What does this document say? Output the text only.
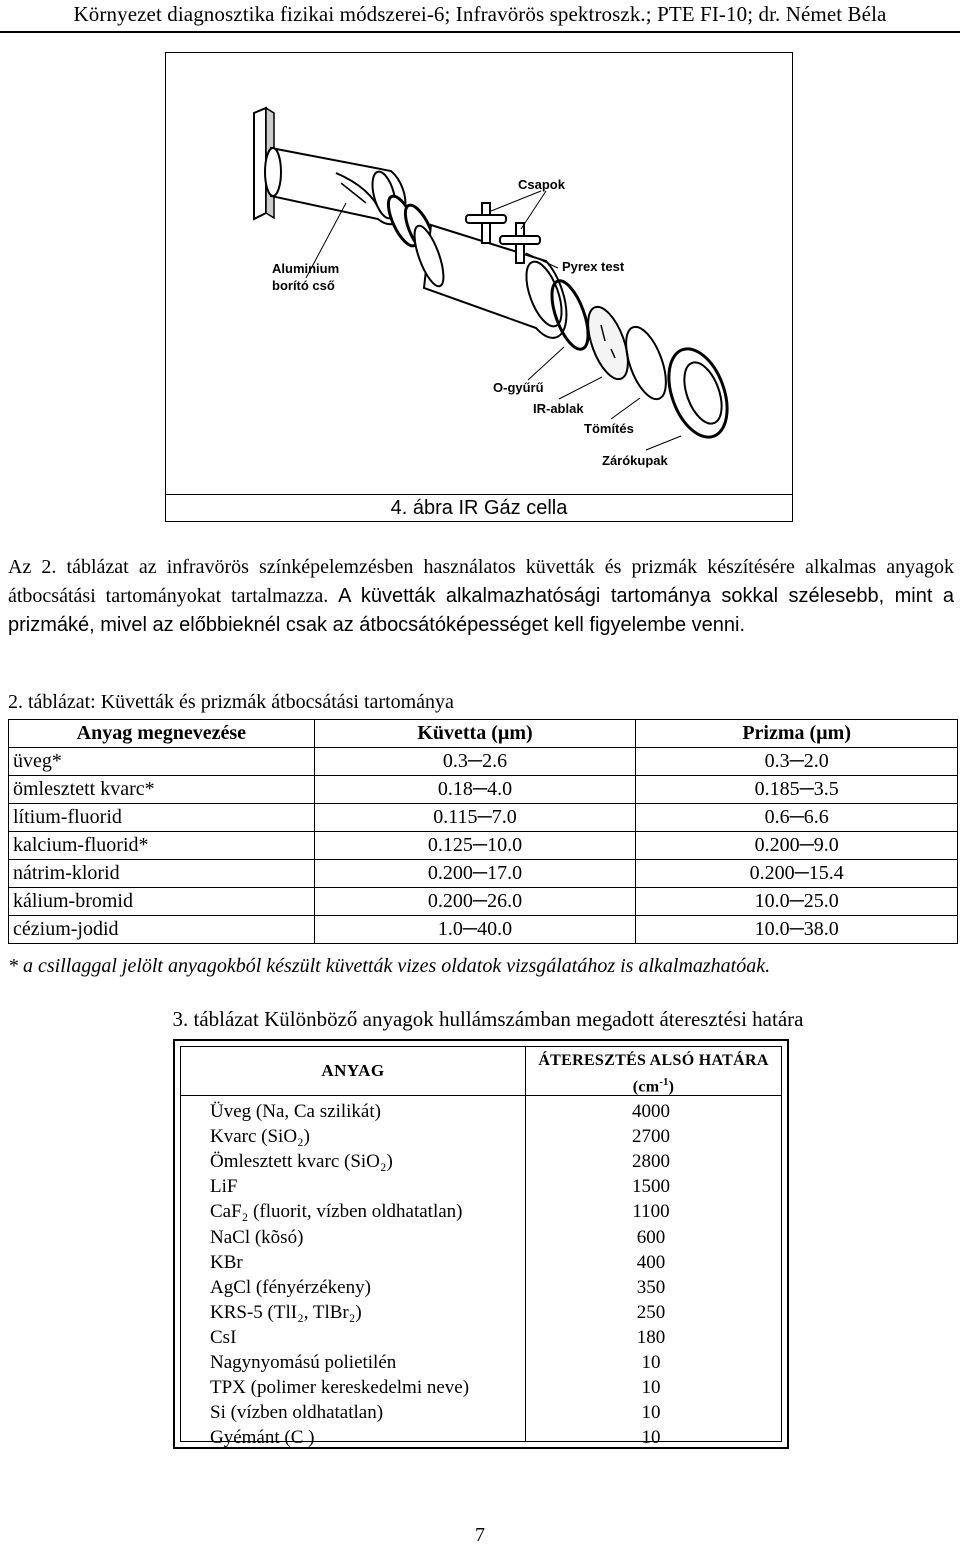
Környezet diagnosztika fizikai módszerei-6; Infravörös spektroszk.; PTE FI-10; dr. Német Béla
Csapok
Aluminium
borító cső
Pyrex test
O-gyűrű
IR-ablak
Tömítés
Zárókupak
4. ábra IR Gáz cella
Az 2. táblázat az infravörös színképelemzésben használatos küvetták és prizmák készítésére alkalmas anyagok átbocsátási tartományokat tartalmazza. A küvetták alkalmazhatósági tartománya sokkal szélesebb, mint a prizmáké, mivel az előbbieknél csak az átbocsátóképességet kell figyelembe venni.
2. táblázat: Küvetták és prizmák átbocsátási tartománya
Anyag megnevezése	Küvetta (µm)	Prizma (µm)
üveg*	0.3─2.6	0.3─2.0
ömlesztett kvarc*	0.18─4.0	0.185─3.5
lítium-fluorid	0.115─7.0	0.6─6.6
kalcium-fluorid*	0.125─10.0	0.200─9.0
nátrim-klorid	0.200─17.0	0.200─15.4
kálium-bromid	0.200─26.0	10.0─25.0
cézium-jodid	1.0─40.0	10.0─38.0
* a csillaggal jelölt anyagokból készült küvetták vizes oldatok vizsgálatához is alkalmazhatóak.
3. táblázat Különböző anyagok hullámszámban megadott áteresztési határa
ANYAG
ÁTERESZTÉS ALSÓ HATÁRA
$(cm^{-1})$
Üveg (Na, Ca szilikát)	4000
Kvarc (SiO₂)	2700
Ömlesztett kvarc (SiO₂)	2800
LiF	1500
CaF₂ (fluorit, vízben oldhatatlan)	1100
NaCl (kõsó)	600
KBr	400
AgCl (fényérzékeny)	350
KRS-5 (TlI₂, TlBr₂)	250
CsI	180
Nagynyomású polietilén	10
TPX (polimer kereskedelmi neve)	10
Si (vízben oldhatatlan)	10
Gyémánt (C )	10
7
